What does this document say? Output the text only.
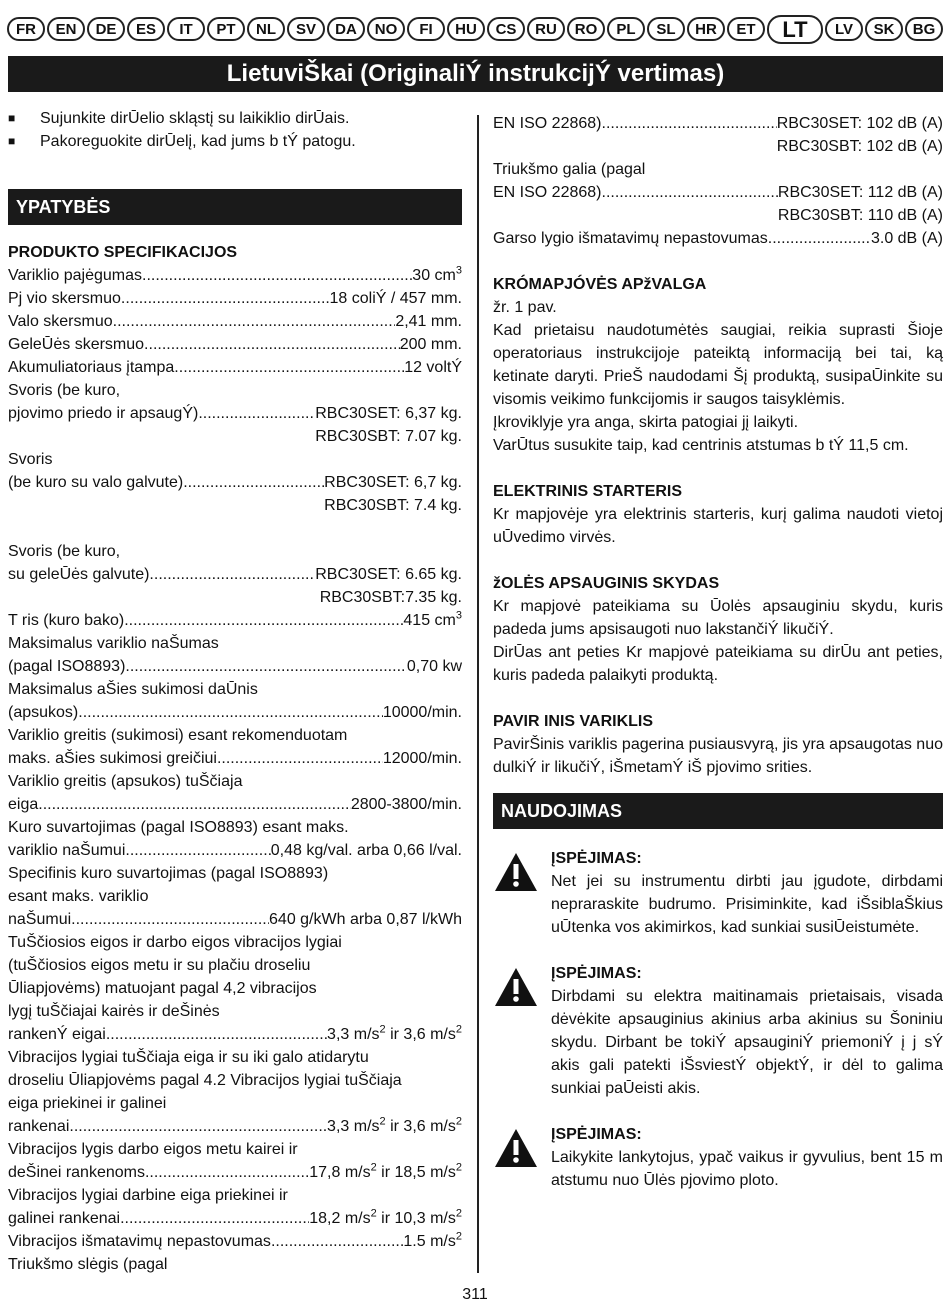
FR	EN	DE	ES	IT	PT	NL	SV	DA	NO	FI	HU	CS	RU	RO	PL	SL	HR	ET	LT	LV	SK	BG
LietuviŠkai (OriginaliÝ instrukcijÝ vertimas)
■	Sujunkite dirŪelio skląstį su laikiklio dirŪais.
■	Pakoreguokite dirŪelį, kad jums b tÝ patogu.
YPATYBĖS
PRODUKTO SPECIFIKACIJOS
Variklio pajėgumas .....	30 $cm^3$
Pj vio skersmuo .....	18 coliÝ / 457 mm.
Valo skersmuo .....	2,41 mm.
GeleŪės skersmuo .....	200 mm.
Akumuliatoriaus įtampa .....	12 voltÝ
Svoris (be kuro,
pjovimo priedo ir apsaugÝ) .....	RBC30SET: 6,37 kg.
RBC30SBT: 7.07 kg.
Svoris
(be kuro su valo galvute) .....	RBC30SET: 6,7 kg.
RBC30SBT: 7.4 kg.
Svoris (be kuro,
su geleŪės galvute) .....	RBC30SET: 6.65 kg.
RBC30SBT:7.35 kg.
T ris (kuro bako) .....	415 $cm^3$
Maksimalus variklio naŠumas
(pagal ISO8893) .....	0,70 kw
Maksimalus aŠies sukimosi daŪnis
(apsukos) .....	10000/min.
Variklio greitis (sukimosi) esant rekomenduotam
maks. aŠies sukimosi greičiui .....	12000/min.
Variklio greitis (apsukos) tuŠčiaja
eiga .....	2800-3800/min.
Kuro suvartojimas (pagal ISO8893) esant maks.
variklio naŠumui .....	0,48 kg/val. arba 0,66 l/val.
Specifinis kuro suvartojimas (pagal ISO8893)
esant maks. variklio
naŠumui .....	640 g/kWh arba 0,87 l/kWh
TuŠčiosios eigos ir darbo eigos vibracijos lygiai
(tuŠčiosios eigos metu ir su plačiu droseliu
Ūliapjovėms) matuojant pagal 4,2 vibracijos
lygį tuŠčiajai kairės ir deŠinės
rankenÝ eigai .....	3,3 $m/s^2$ ir 3,6 $m/s^2$
Vibracijos lygiai tuŠčiaja eiga ir su iki galo atidarytu
droseliu Ūliapjovėms pagal 4.2 Vibracijos lygiai tuŠčiaja
eiga priekinei ir galinei
rankenai .....	3,3 $m/s^2$ ir 3,6 $m/s^2$
Vibracijos lygis darbo eigos metu kairei ir
deŠinei rankenoms .....	17,8 $m/s^2$ ir 18,5 $m/s^2$
Vibracijos lygiai darbine eiga priekinei ir
galinei rankenai .....	18,2 $m/s^2$ ir 10,3 $m/s^2$
Vibracijos išmatavimų nepastovumas .....	1.5 $m/s^2$
Triukšmo slėgis (pagal
EN ISO 22868) .....	RBC30SET: 102 dB (A)
RBC30SBT: 102 dB (A)
Triukšmo galia (pagal
EN ISO 22868) .....	RBC30SET: 112 dB (A)
RBC30SBT: 110 dB (A)
Garso lygio išmatavimų nepastovumas .....	3.0 dB (A)
KRÓMAPJÓVĖS APžVALGA
žr. 1 pav.
Kad prietaisu naudotumėtės saugiai, reikia suprasti Šioje operatoriaus instrukcijoje pateiktą informaciją bei tai, ką ketinate daryti. PrieŠ naudodami Šį produktą, susipaŪinkite su visomis veikimo funkcijomis ir saugos taisyklėmis.
Įkroviklyje yra anga, skirta patogiai jį laikyti.
VarŪtus susukite taip, kad centrinis atstumas b tÝ 11,5 cm.
ELEKTRINIS STARTERIS
Kr mapjovėje yra elektrinis starteris, kurį galima naudoti vietoj uŪvedimo virvės.
žOLĖS APSAUGINIS SKYDAS
Kr mapjovė pateikiama su Ūolės apsauginiu skydu, kuris padeda jums apsisaugoti nuo lakstančiÝ likučiÝ.
DirŪas ant peties Kr mapjovė pateikiama su dirŪu ant peties, kuris padeda palaikyti produktą.
PAVIR INIS VARIKLIS
PavirŠinis variklis pagerina pusiausvyrą, jis yra apsaugotas nuo dulkiÝ ir likučiÝ, iŠmetamÝ iŠ pjovimo srities.
NAUDOJIMAS
ĮSPĖJIMAS:
Net jei su instrumentu dirbti jau įgudote, dirbdami nepraraskite budrumo. Prisiminkite, kad iŠsiblaŠkius uŪtenka vos akimirkos, kad sunkiai susiŪeistumėte.
ĮSPĖJIMAS:
Dirbdami su elektra maitinamais prietaisais, visada dėvėkite apsauginius akinius arba akinius su Šoniniu skydu. Dirbant be tokiÝ apsauginiÝ priemoniÝ į j sÝ akis gali patekti iŠsviestÝ objektÝ, ir dėl to galima sunkiai paŪeisti akis.
ĮSPĖJIMAS:
Laikykite lankytojus, ypač vaikus ir gyvulius, bent 15 m atstumu nuo Ūlės pjovimo ploto.
311
